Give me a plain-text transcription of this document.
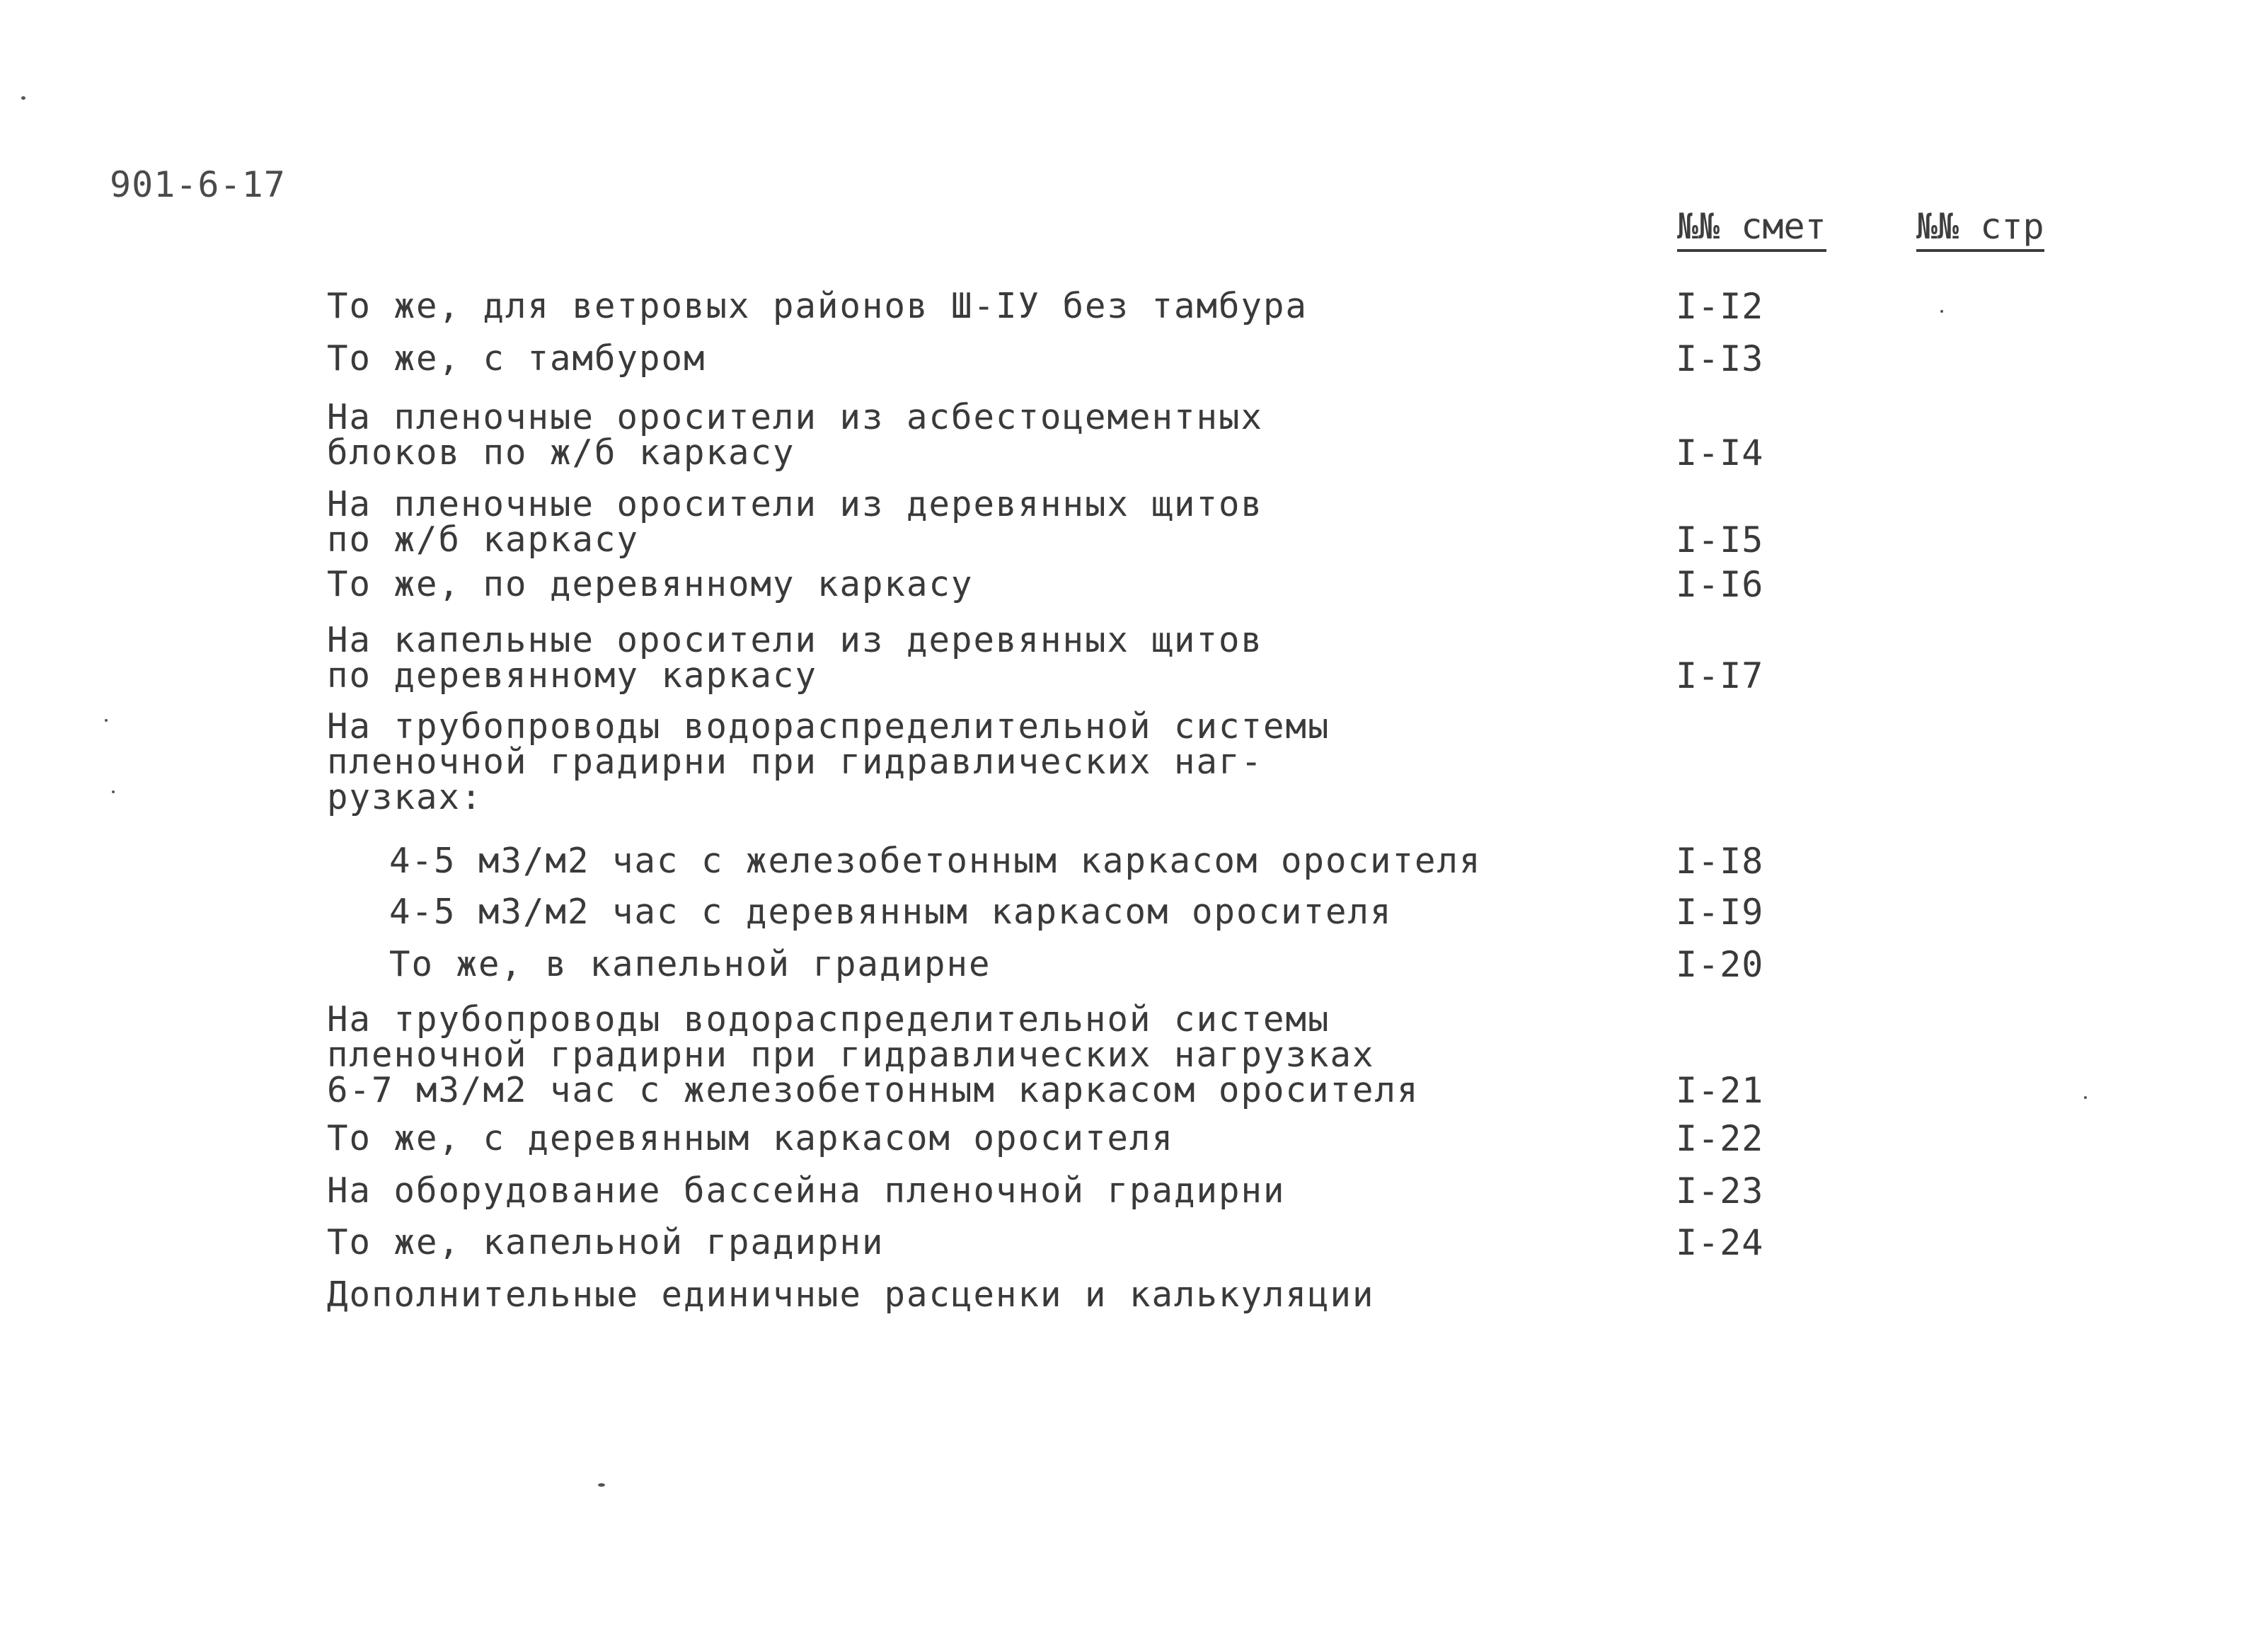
901-6-17
№№ смет	№№ стр
То же, для ветровых районов Ш-IУ без тамбура	I-I2
То же, с тамбуром	I-I3
На пленочные оросители из асбестоцементных
блоков по ж/б каркасу	I-I4
На пленочные оросители из деревянных щитов
по ж/б каркасу	I-I5
То же, по деревянному каркасу	I-I6
На капельные оросители из деревянных щитов
по деревянному каркасу	I-I7
На трубопроводы водораспределительной системы
пленочной градирни при гидравлических наг-
рузках:
4-5 м3/м2 час с железобетонным каркасом оросителя	I-I8
4-5 м3/м2 час с деревянным каркасом оросителя	I-I9
То же, в капельной градирне	I-20
На трубопроводы водораспределительной системы
пленочной градирни при гидравлических нагрузках
6-7 м3/м2 час с железобетонным каркасом оросителя	I-21
То же, с деревянным каркасом оросителя	I-22
На оборудование бассейна пленочной градирни	I-23
То же, капельной градирни	I-24
Дополнительные единичные расценки и калькуляции
